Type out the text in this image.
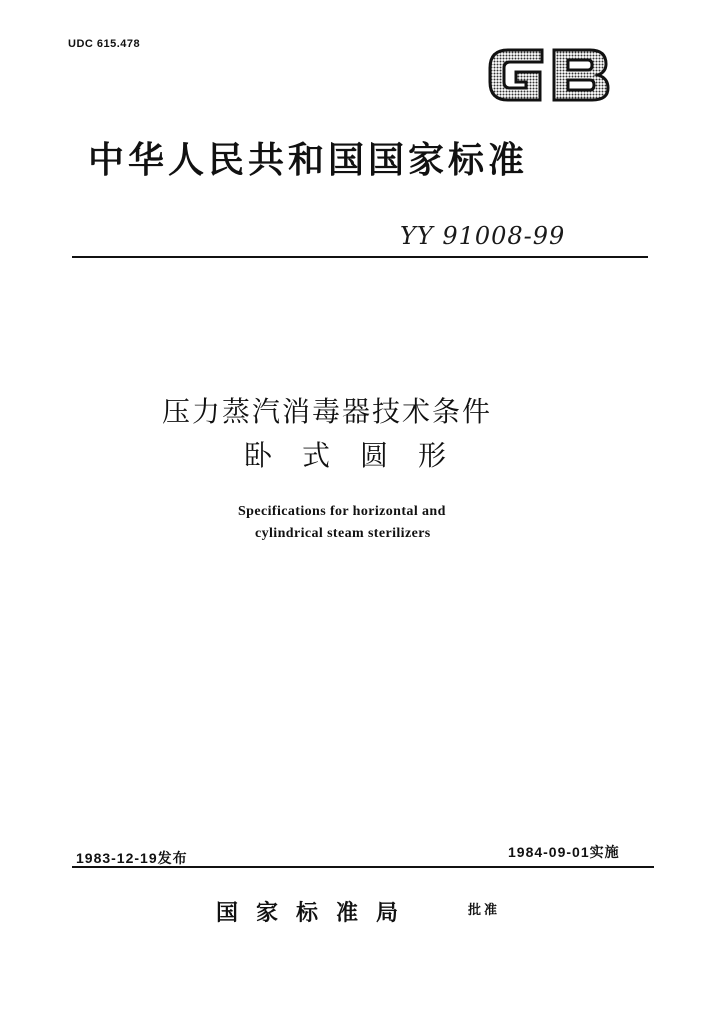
UDC 615.478
中华人民共和国国家标准
YY 91008-99
压力蒸汽消毒器技术条件
卧式圆形
Specifications for horizontal and
cylindrical steam sterilizers
1983-12-19发布	1984-09-01实施
国家标准局	批准
